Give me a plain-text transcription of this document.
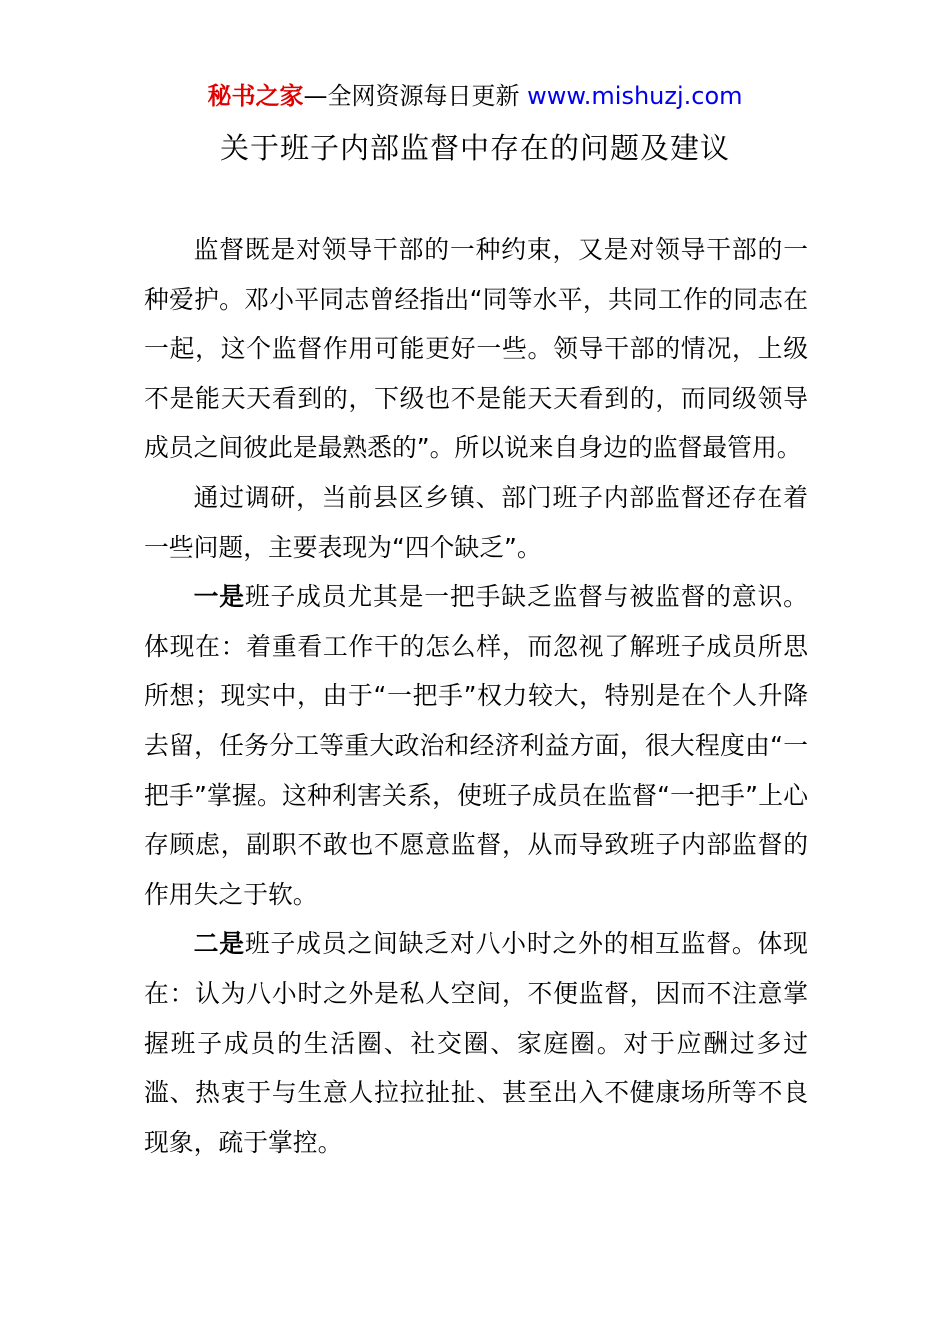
秘书之家—全网资源每日更新 www.mishuzj.com
关于班子内部监督中存在的问题及建议

监督既是对领导干部的一种约束，又是对领导干部的一种爱护。邓小平同志曾经指出“同等水平，共同工作的同志在一起，这个监督作用可能更好一些。领导干部的情况，上级不是能天天看到的，下级也不是能天天看到的，而同级领导成员之间彼此是最熟悉的”。所以说来自身边的监督最管用。

通过调研，当前县区乡镇、部门班子内部监督还存在着一些问题，主要表现为“四个缺乏”。

一是班子成员尤其是一把手缺乏监督与被监督的意识。体现在：着重看工作干的怎么样，而忽视了解班子成员所思所想；现实中，由于“一把手”权力较大，特别是在个人升降去留，任务分工等重大政治和经济利益方面，很大程度由“一把手”掌握。这种利害关系，使班子成员在监督“一把手”上心存顾虑，副职不敢也不愿意监督，从而导致班子内部监督的作用失之于软。

二是班子成员之间缺乏对八小时之外的相互监督。体现在：认为八小时之外是私人空间，不便监督，因而不注意掌握班子成员的生活圈、社交圈、家庭圈。对于应酬过多过滥、热衷于与生意人拉拉扯扯、甚至出入不健康场所等不良现象，疏于掌控。
